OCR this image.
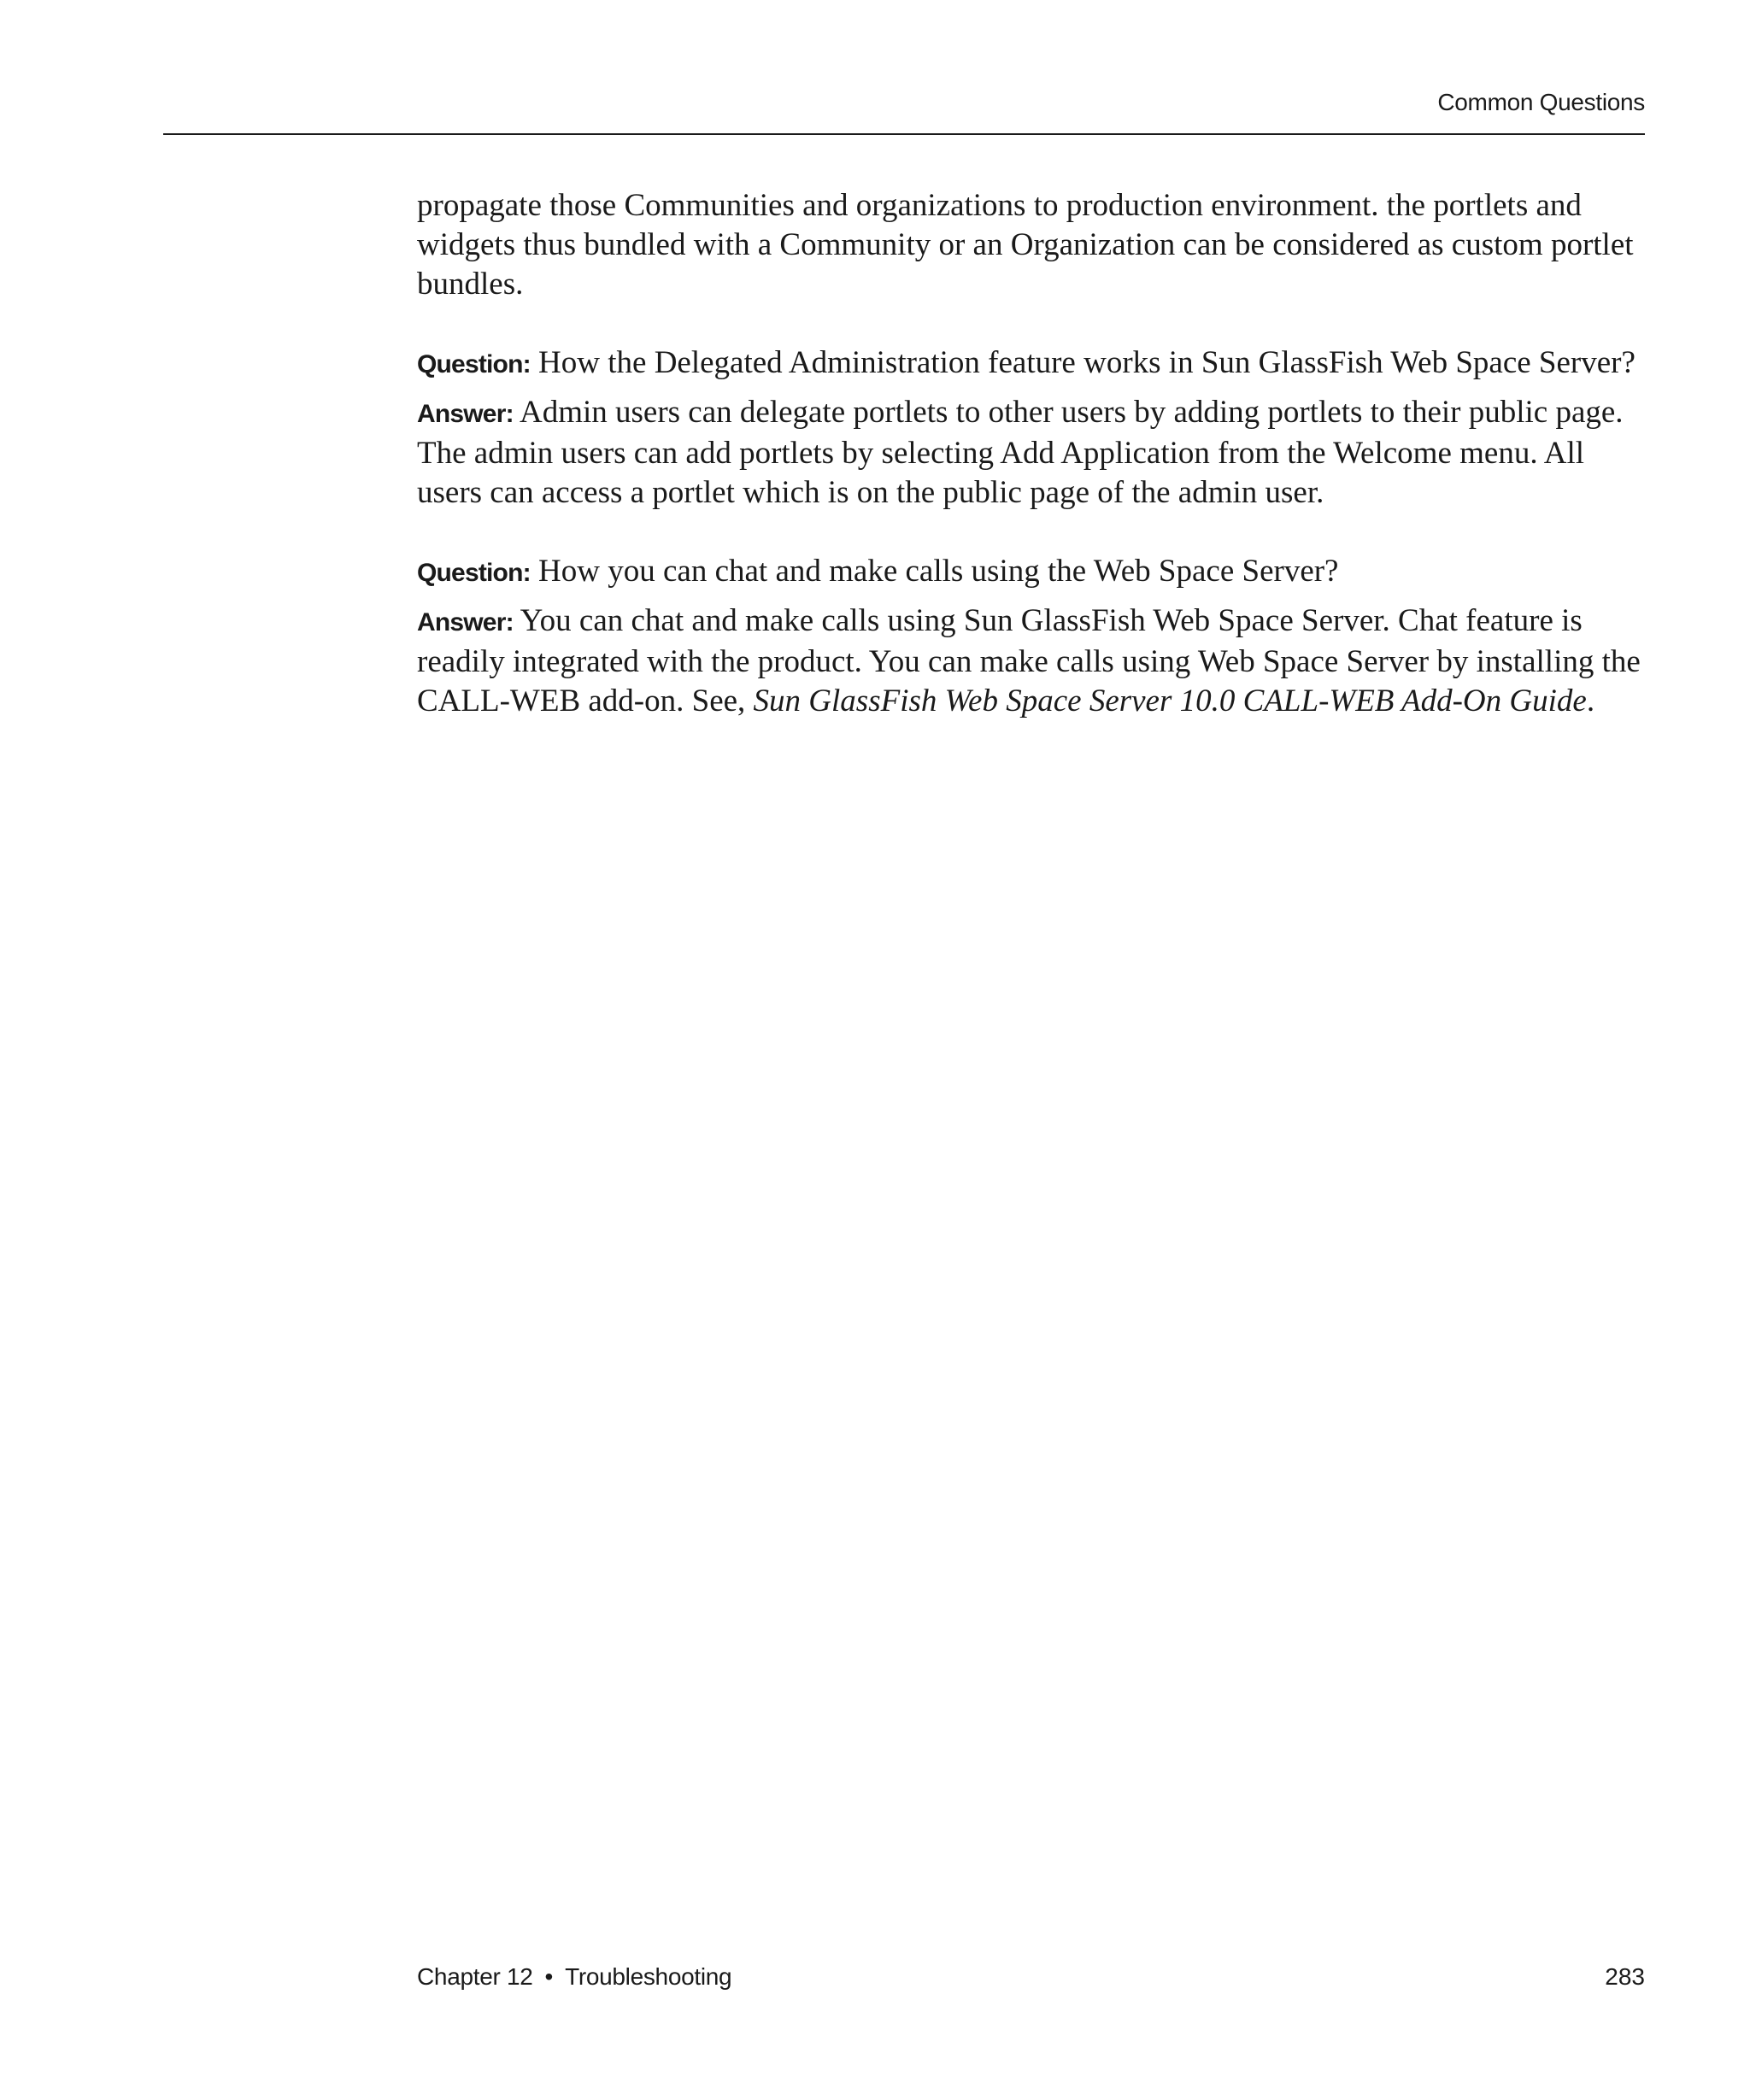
Common Questions

propagate those Communities and organizations to production environment. the portlets and widgets thus bundled with a Community or an Organization can be considered as custom portlet bundles.

Question: How the Delegated Administration feature works in Sun GlassFish Web Space Server?

Answer: Admin users can delegate portlets to other users by adding portlets to their public page. The admin users can add portlets by selecting Add Application from the Welcome menu. All users can access a portlet which is on the public page of the admin user.

Question: How you can chat and make calls using the Web Space Server?

Answer: You can chat and make calls using Sun GlassFish Web Space Server. Chat feature is readily integrated with the product. You can make calls using Web Space Server by installing the CALL-WEB add-on. See, Sun GlassFish Web Space Server 10.0 CALL-WEB Add-On Guide.

Chapter 12 • Troubleshooting	283
